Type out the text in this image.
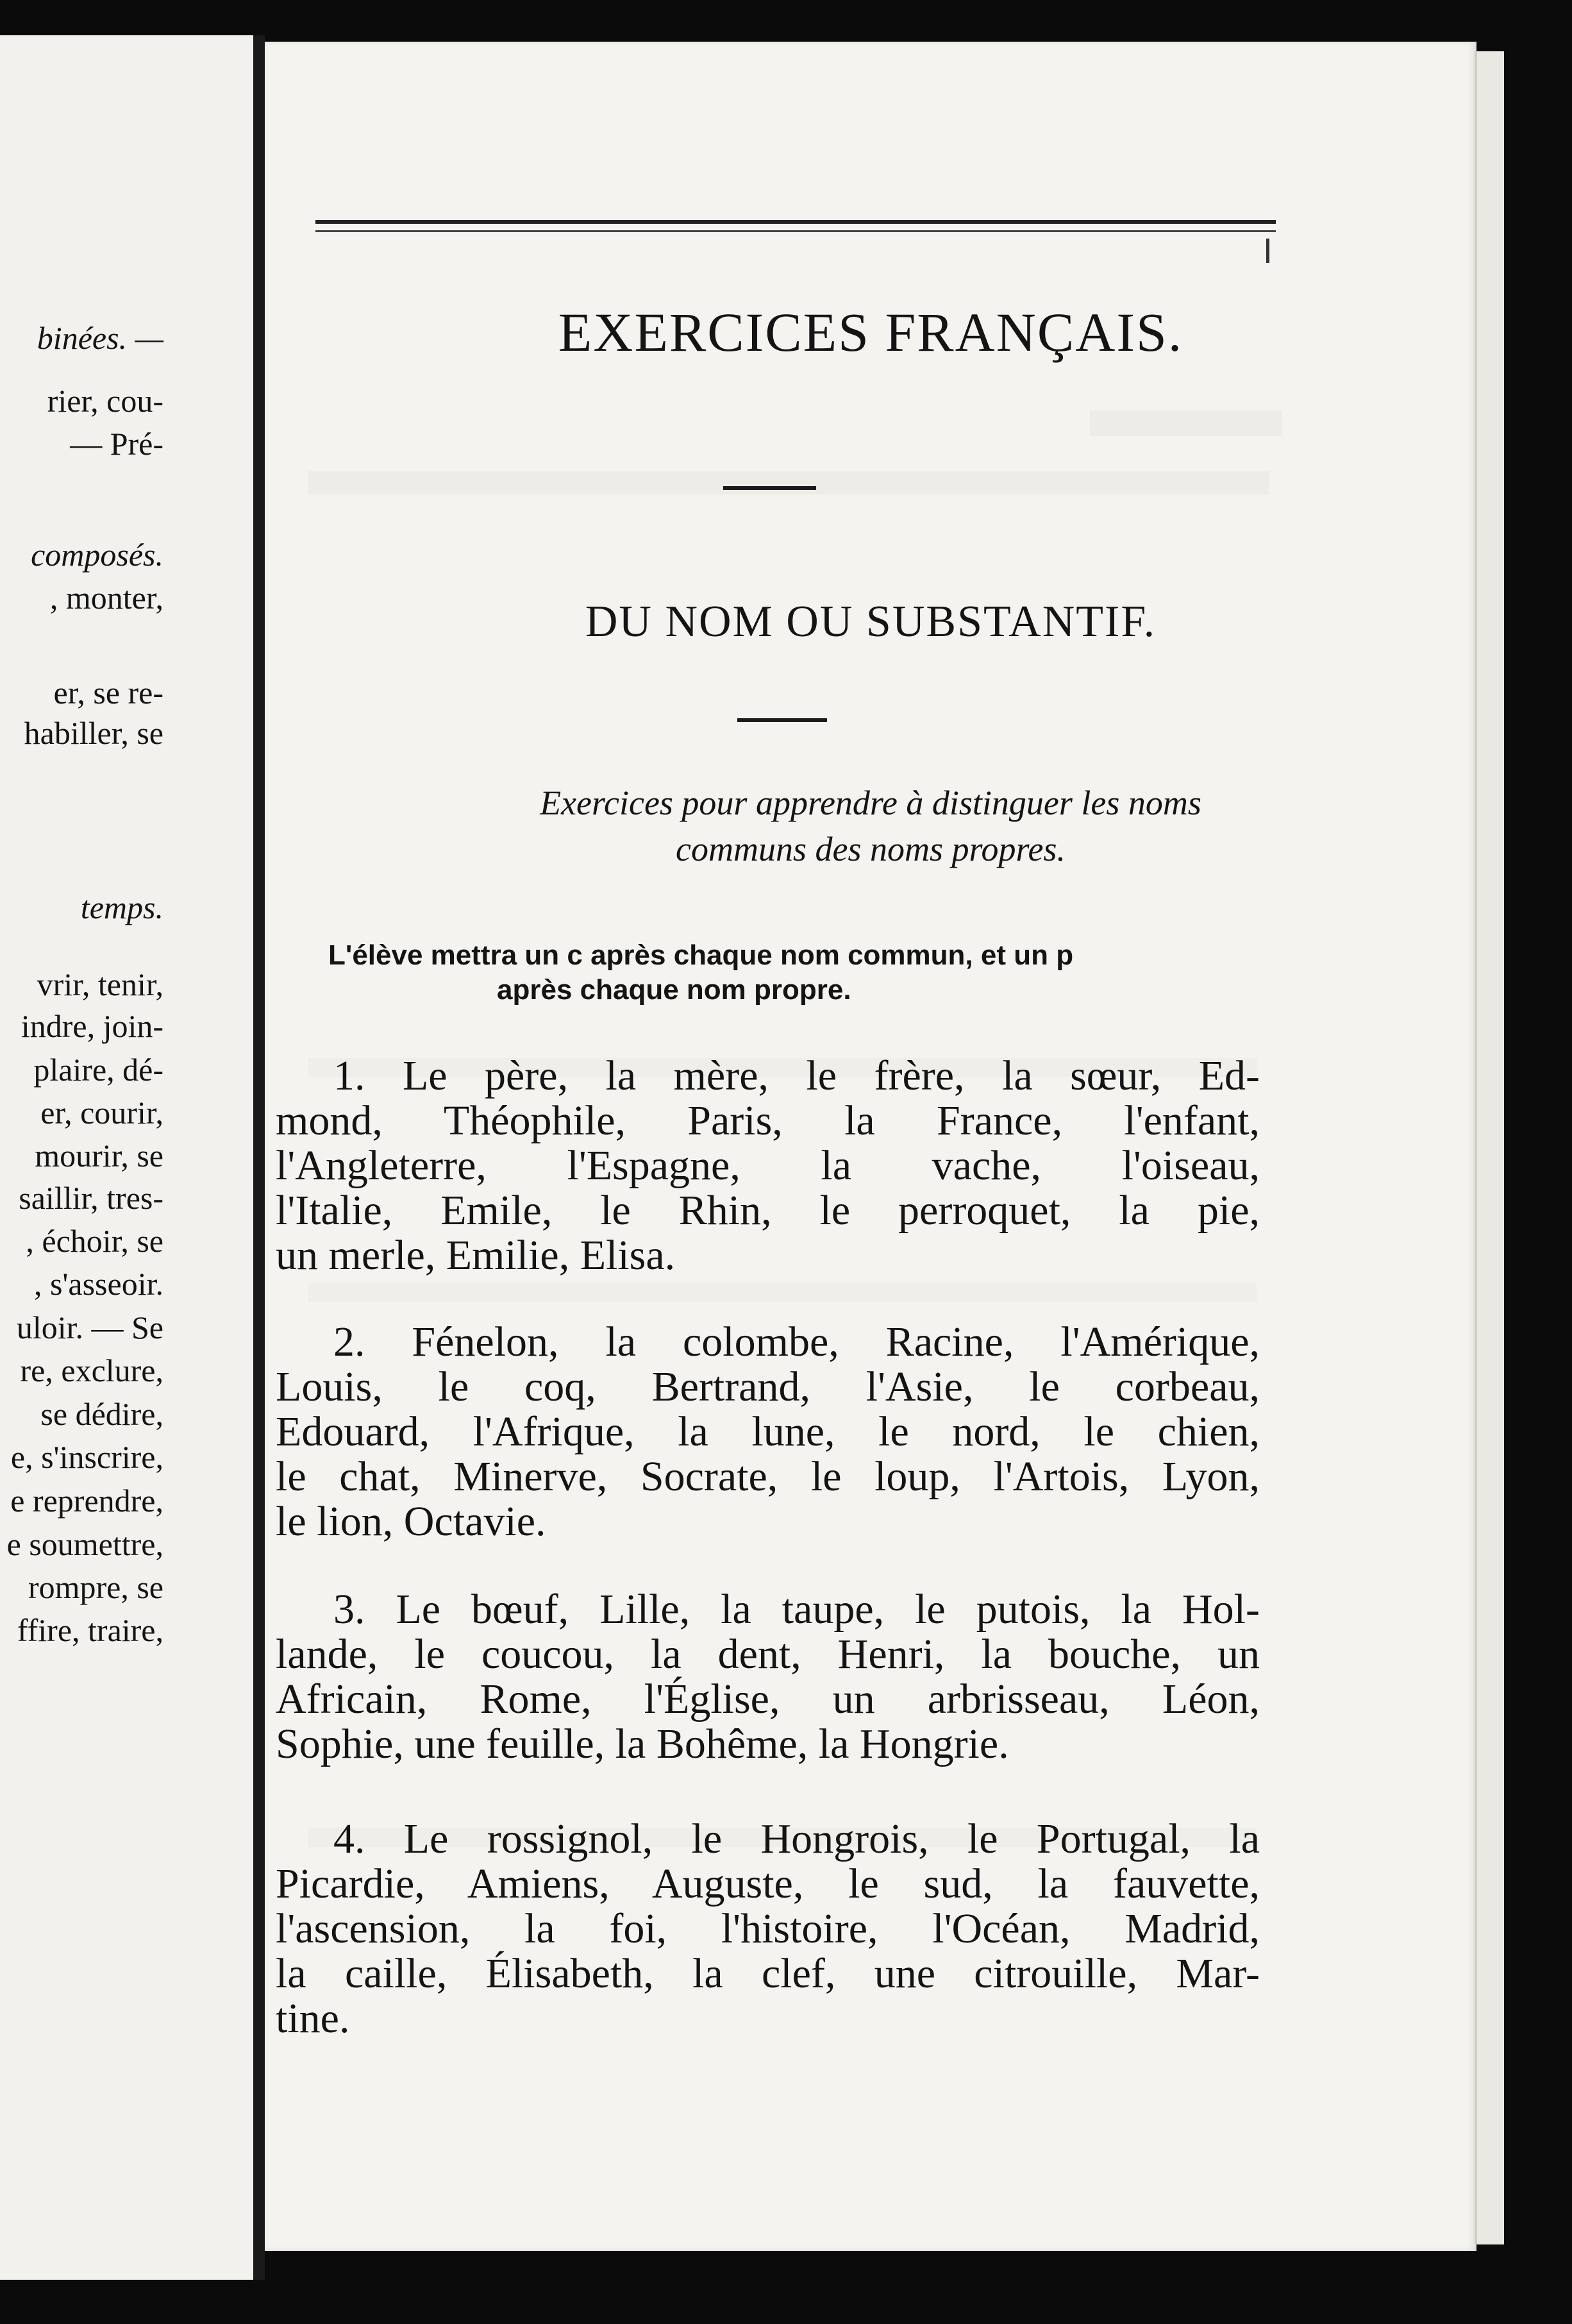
binées. —
rier, cou-
— Pré-
composés.
, monter,
er, se re-
habiller, se
temps.
vrir, tenir,
indre, join-
plaire, dé-
er, courir,
mourir, se
saillir, tres-
, échoir, se
, s'asseoir.
uloir. — Se
re, exclure,
se dédire,
e, s'inscrire,
e reprendre,
e soumettre,
rompre, se
ffire, traire,
EXERCICES FRANÇAIS.
DU NOM OU SUBSTANTIF.
Exercices pour apprendre à distinguer les noms
communs des noms propres.
L'élève mettra un c après chaque nom commun, et un p
après chaque nom propre.
1. Le père, la mère, le frère, la sœur, Ed-
mond, Théophile, Paris, la France, l'enfant,
l'Angleterre, l'Espagne, la vache, l'oiseau,
l'Italie, Emile, le Rhin, le perroquet, la pie,
un merle, Emilie, Elisa.
2. Fénelon, la colombe, Racine, l'Amérique,
Louis, le coq, Bertrand, l'Asie, le corbeau,
Edouard, l'Afrique, la lune, le nord, le chien,
le chat, Minerve, Socrate, le loup, l'Artois, Lyon,
le lion, Octavie.
3. Le bœuf, Lille, la taupe, le putois, la Hol-
lande, le coucou, la dent, Henri, la bouche, un
Africain, Rome, l'Église, un arbrisseau, Léon,
Sophie, une feuille, la Bohême, la Hongrie.
4. Le rossignol, le Hongrois, le Portugal, la
Picardie, Amiens, Auguste, le sud, la fauvette,
l'ascension, la foi, l'histoire, l'Océan, Madrid,
la caille, Élisabeth, la clef, une citrouille, Mar-
tine.
